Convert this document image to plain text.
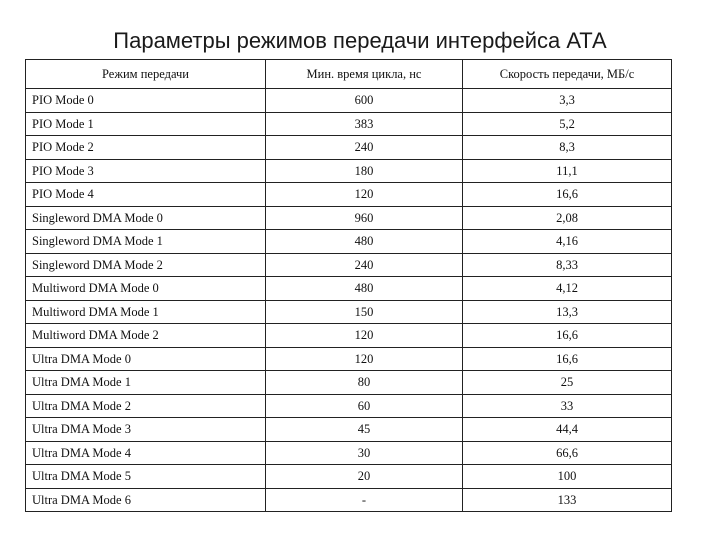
Параметры режимов передачи интерфейса АТА
Режим передачи	Мин. время цикла, нс	Скорость передачи, МБ/с
PIO Mode 0	600	3,3
PIO Mode 1	383	5,2
PIO Mode 2	240	8,3
PIO Mode 3	180	11,1
PIO Mode 4	120	16,6
Singleword DMA Mode 0	960	2,08
Singleword DMA Mode 1	480	4,16
Singleword DMA Mode 2	240	8,33
Multiword DMA Mode 0	480	4,12
Multiword DMA Mode 1	150	13,3
Multiword DMA Mode 2	120	16,6
Ultra DMA Mode 0	120	16,6
Ultra DMA Mode 1	80	25
Ultra DMA Mode 2	60	33
Ultra DMA Mode 3	45	44,4
Ultra DMA Mode 4	30	66,6
Ultra DMA Mode 5	20	100
Ultra DMA Mode 6	-	133
